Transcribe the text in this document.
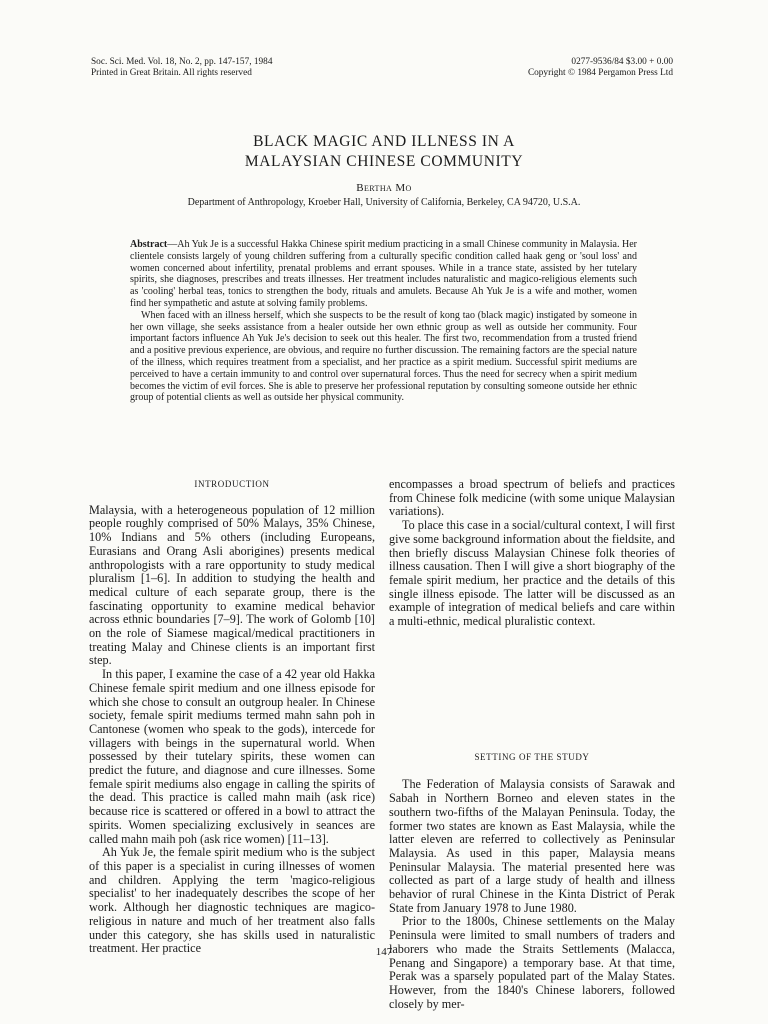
Soc. Sci. Med. Vol. 18, No. 2, pp. 147-157, 1984
Printed in Great Britain. All rights reserved
0277-9536/84 $3.00 + 0.00
Copyright © 1984 Pergamon Press Ltd
BLACK MAGIC AND ILLNESS IN A
MALAYSIAN CHINESE COMMUNITY
Bertha Mo
Department of Anthropology, Kroeber Hall, University of California, Berkeley, CA 94720, U.S.A.

Abstract—Ah Yuk Je is a successful Hakka Chinese spirit medium practicing in a small Chinese community in Malaysia. Her clientele consists largely of young children suffering from a culturally specific condition called haak geng or 'soul loss' and women concerned about infertility, prenatal problems and errant spouses. While in a trance state, assisted by her tutelary spirits, she diagnoses, prescribes and treats illnesses. Her treatment includes naturalistic and magico-religious elements such as 'cooling' herbal teas, tonics to strengthen the body, rituals and amulets. Because Ah Yuk Je is a wife and mother, women find her sympathetic and astute at solving family problems.

When faced with an illness herself, which she suspects to be the result of kong tao (black magic) instigated by someone in her own village, she seeks assistance from a healer outside her own ethnic group as well as outside her community. Four important factors influence Ah Yuk Je's decision to seek out this healer. The first two, recommendation from a trusted friend and a positive previous experience, are obvious, and require no further discussion. The remaining factors are the special nature of the illness, which requires treatment from a specialist, and her practice as a spirit medium. Successful spirit mediums are perceived to have a certain immunity to and control over supernatural forces. Thus the need for secrecy when a spirit medium becomes the victim of evil forces. She is able to preserve her professional reputation by consulting someone outside her ethnic group of potential clients as well as outside her physical community.

INTRODUCTION

Malaysia, with a heterogeneous population of 12 million people roughly comprised of 50% Malays, 35% Chinese, 10% Indians and 5% others (including Europeans, Eurasians and Orang Asli aborigines) presents medical anthropologists with a rare opportunity to study medical pluralism [1–6]. In addition to studying the health and medical culture of each separate group, there is the fascinating opportunity to examine medical behavior across ethnic boundaries [7–9]. The work of Golomb [10] on the role of Siamese magical/medical practitioners in treating Malay and Chinese clients is an important first step.

In this paper, I examine the case of a 42 year old Hakka Chinese female spirit medium and one illness episode for which she chose to consult an outgroup healer. In Chinese society, female spirit mediums termed mahn sahn poh in Cantonese (women who speak to the gods), intercede for villagers with beings in the supernatural world. When possessed by their tutelary spirits, these women can predict the future, and diagnose and cure illnesses. Some female spirit mediums also engage in calling the spirits of the dead. This practice is called mahn maih (ask rice) because rice is scattered or offered in a bowl to attract the spirits. Women specializing exclusively in seances are called mahn maih poh (ask rice women) [11–13].

Ah Yuk Je, the female spirit medium who is the subject of this paper is a specialist in curing illnesses of women and children. Applying the term 'magico-religious specialist' to her inadequately describes the scope of her work. Although her diagnostic techniques are magico-religious in nature and much of her treatment also falls under this category, she has skills used in naturalistic treatment. Her practice

encompasses a broad spectrum of beliefs and practices from Chinese folk medicine (with some unique Malaysian variations).

To place this case in a social/cultural context, I will first give some background information about the fieldsite, and then briefly discuss Malaysian Chinese folk theories of illness causation. Then I will give a short biography of the female spirit medium, her practice and the details of this single illness episode. The latter will be discussed as an example of integration of medical beliefs and care within a multi-ethnic, medical pluralistic context.

SETTING OF THE STUDY

The Federation of Malaysia consists of Sarawak and Sabah in Northern Borneo and eleven states in the southern two-fifths of the Malayan Peninsula. Today, the former two states are known as East Malaysia, while the latter eleven are referred to collectively as Peninsular Malaysia. As used in this paper, Malaysia means Peninsular Malaysia. The material presented here was collected as part of a large study of health and illness behavior of rural Chinese in the Kinta District of Perak State from January 1978 to June 1980.

Prior to the 1800s, Chinese settlements on the Malay Peninsula were limited to small numbers of traders and laborers who made the Straits Settlements (Malacca, Penang and Singapore) a temporary base. At that time, Perak was a sparsely populated part of the Malay States. However, from the 1840's Chinese laborers, followed closely by mer-

147
